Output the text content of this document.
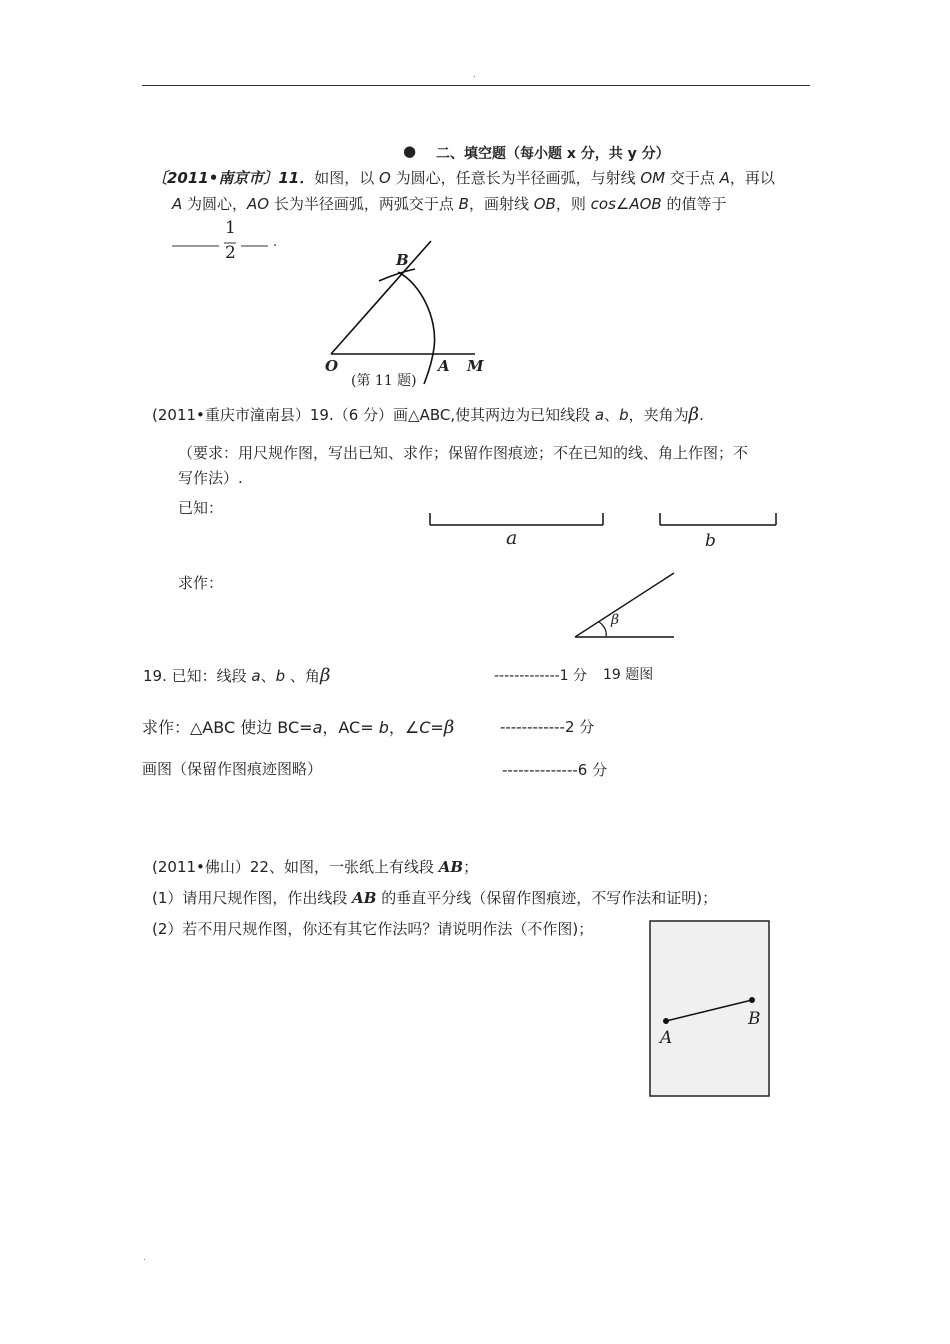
.
● 二、填空题（每小题 x 分，共 y 分）
〔2011•南京市〕11．如图，以 O 为圆心，任意长为半径画弧，与射线 OM 交于点 A，再以
A 为圆心，AO 长为半径画弧，两弧交于点 B，画射线 OB，则 cos∠AOB 的值等于
1
2
.
B
O	A M
(第 11 题)
(2011•重庆市潼南县）19.（6 分）画△ABC,使其两边为已知线段 a、b，夹角为β.
（要求：用尺规作图，写出已知、求作；保留作图痕迹；不在已知的线、角上作图；不
写作法）.
已知：
a	b
求作：
β
19. 已知：线段 a、b 、角β	-------------1 分 19 题图
求作：△ABC 使边 BC=a，AC= b，∠C=β	------------2 分
画图（保留作图痕迹图略）	--------------6 分
(2011•佛山）22、如图，一张纸上有线段 AB；
(1）请用尺规作图，作出线段 AB 的垂直平分线（保留作图痕迹，不写作法和证明)；
(2）若不用尺规作图，你还有其它作法吗？请说明作法（不作图)；
A
B
.
